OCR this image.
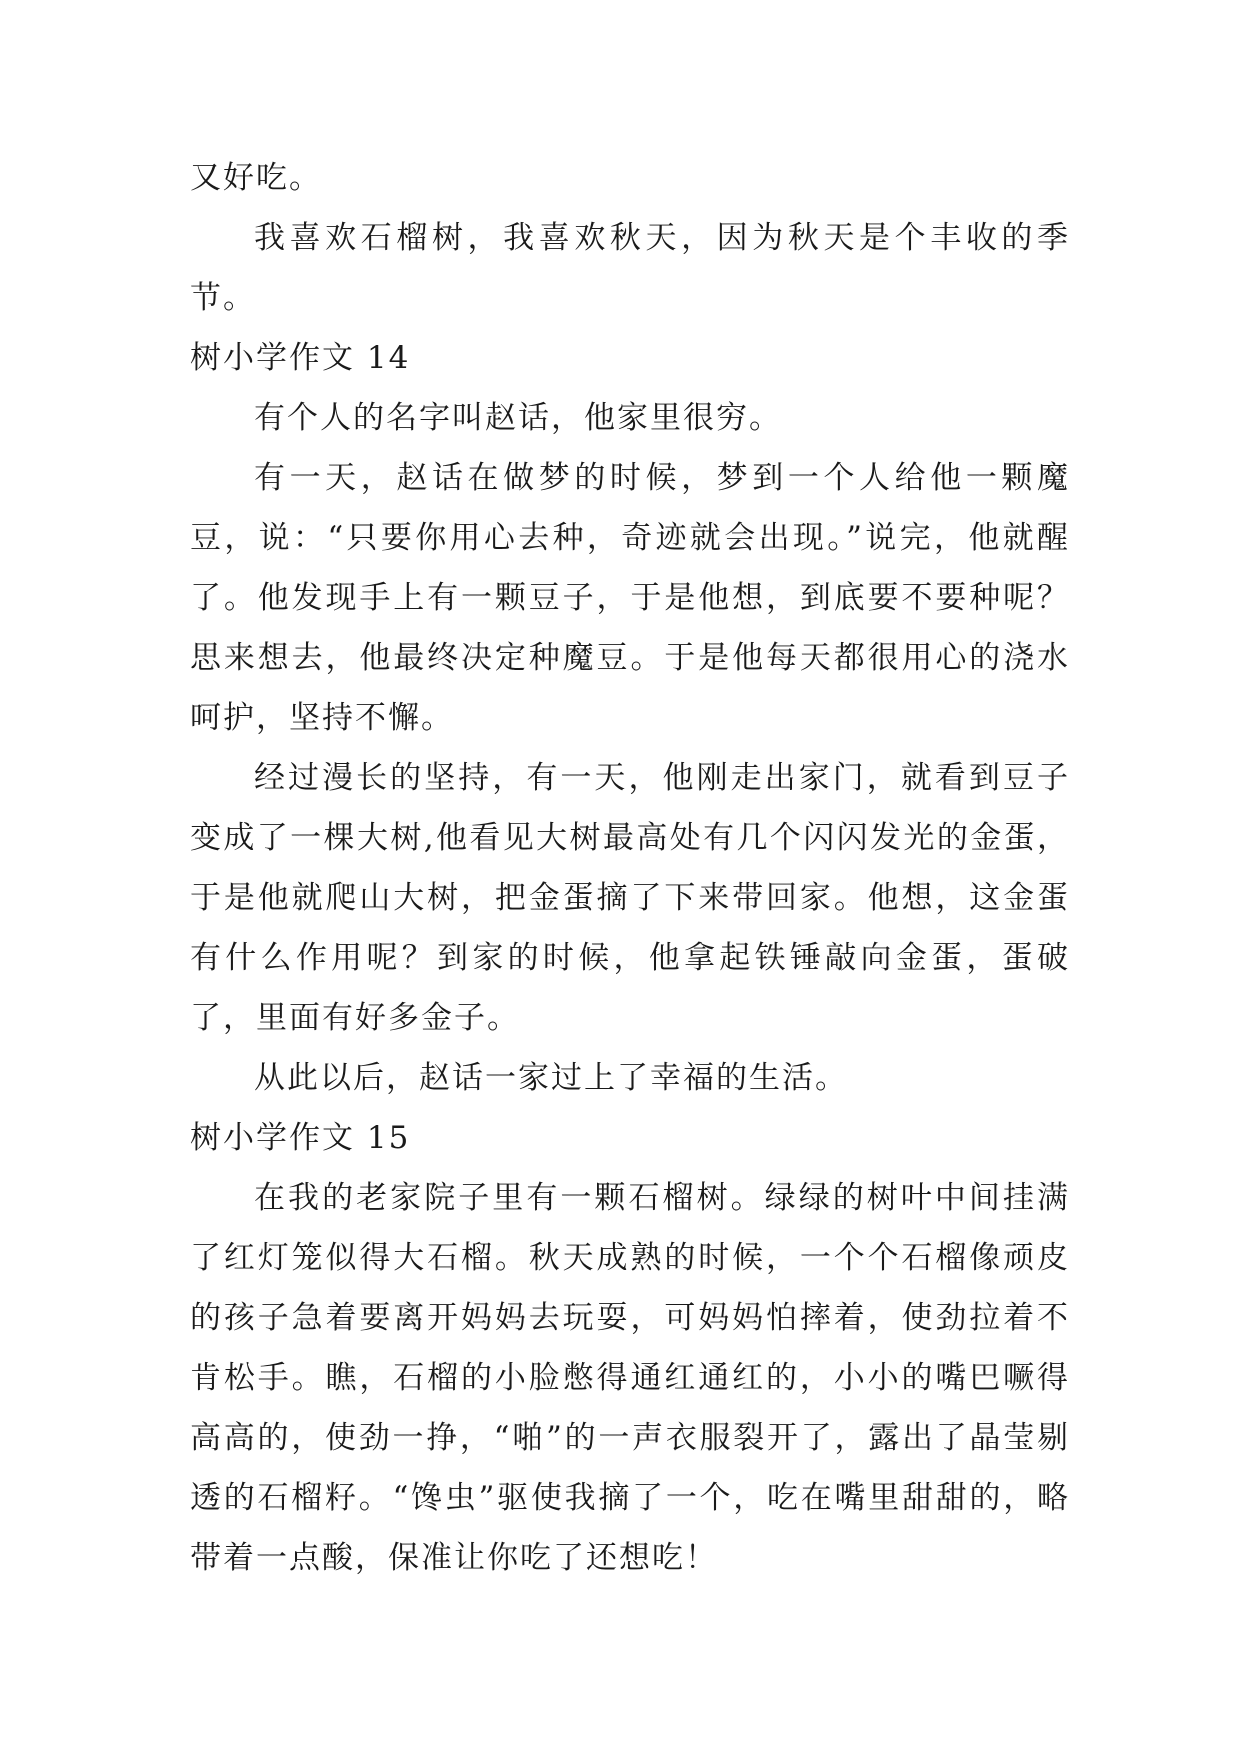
又好吃。

我喜欢石榴树，我喜欢秋天，因为秋天是个丰收的季节。

树小学作文 14

有个人的名字叫赵话，他家里很穷。

有一天，赵话在做梦的时候，梦到一个人给他一颗魔豆，说：“只要你用心去种，奇迹就会出现。”说完，他就醒了。他发现手上有一颗豆子，于是他想，到底要不要种呢？思来想去，他最终决定种魔豆。于是他每天都很用心的浇水呵护，坚持不懈。

经过漫长的坚持，有一天，他刚走出家门，就看到豆子变成了一棵大树,他看见大树最高处有几个闪闪发光的金蛋，于是他就爬山大树，把金蛋摘了下来带回家。他想，这金蛋有什么作用呢？到家的时候，他拿起铁锤敲向金蛋，蛋破了，里面有好多金子。

从此以后，赵话一家过上了幸福的生活。

树小学作文 15

在我的老家院子里有一颗石榴树。绿绿的树叶中间挂满了红灯笼似得大石榴。秋天成熟的时候，一个个石榴像顽皮的孩子急着要离开妈妈去玩耍，可妈妈怕摔着，使劲拉着不肯松手。瞧，石榴的小脸憋得通红通红的，小小的嘴巴噘得高高的，使劲一挣，“啪”的一声衣服裂开了，露出了晶莹剔透的石榴籽。“馋虫”驱使我摘了一个，吃在嘴里甜甜的，略带着一点酸，保准让你吃了还想吃！
